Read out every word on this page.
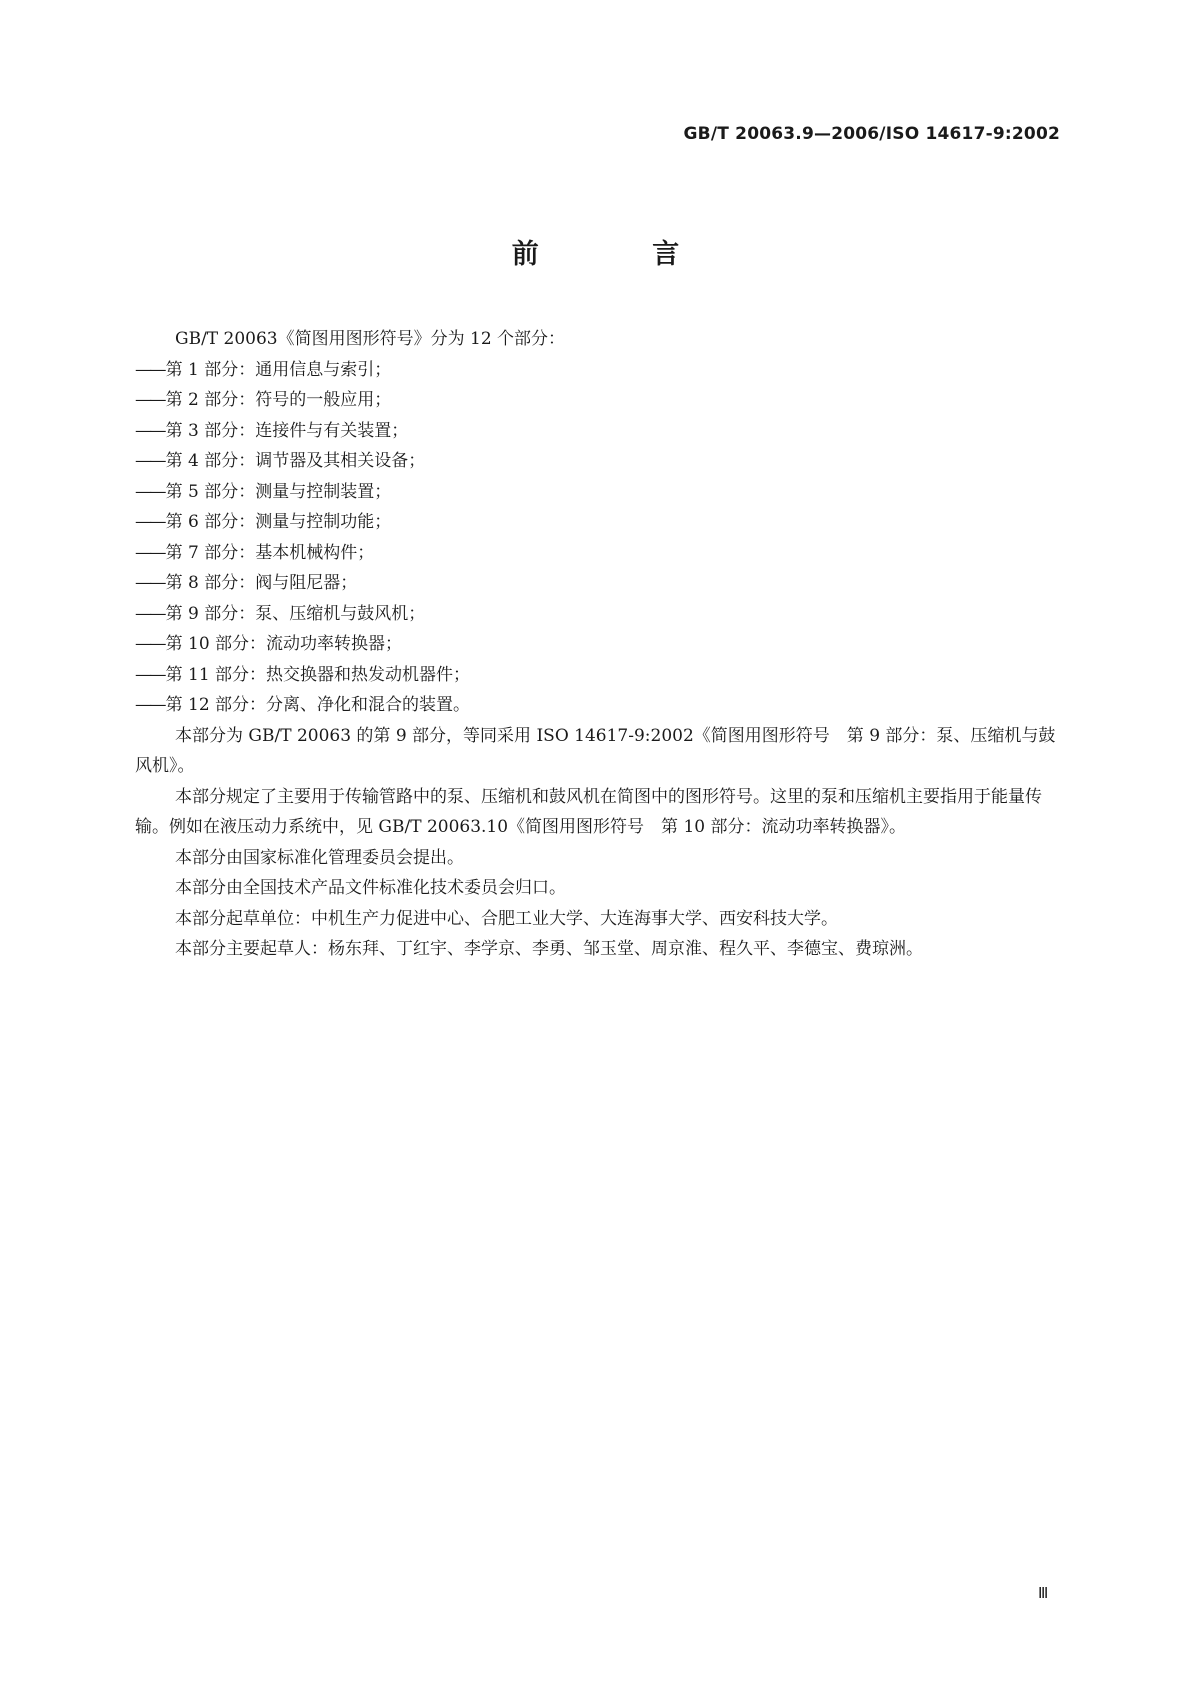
GB/T 20063.9—2006/ISO 14617-9:2002
前 言

GB/T 20063《简图用图形符号》分为 12 个部分：

——第 1 部分：通用信息与索引；

——第 2 部分：符号的一般应用；

——第 3 部分：连接件与有关装置；

——第 4 部分：调节器及其相关设备；

——第 5 部分：测量与控制装置；

——第 6 部分：测量与控制功能；

——第 7 部分：基本机械构件；

——第 8 部分：阀与阻尼器；

——第 9 部分：泵、压缩机与鼓风机；

——第 10 部分：流动功率转换器；

——第 11 部分：热交换器和热发动机器件；

——第 12 部分：分离、净化和混合的装置。

本部分为 GB/T 20063 的第 9 部分，等同采用 ISO 14617-9:2002《简图用图形符号　第 9 部分：泵、压缩机与鼓风机》。

本部分规定了主要用于传输管路中的泵、压缩机和鼓风机在简图中的图形符号。这里的泵和压缩机主要指用于能量传输。例如在液压动力系统中，见 GB/T 20063.10《简图用图形符号　第 10 部分：流动功率转换器》。

本部分由国家标准化管理委员会提出。

本部分由全国技术产品文件标准化技术委员会归口。

本部分起草单位：中机生产力促进中心、合肥工业大学、大连海事大学、西安科技大学。

本部分主要起草人：杨东拜、丁红宇、李学京、李勇、邹玉堂、周京淮、程久平、李德宝、费琼洲。

Ⅲ
